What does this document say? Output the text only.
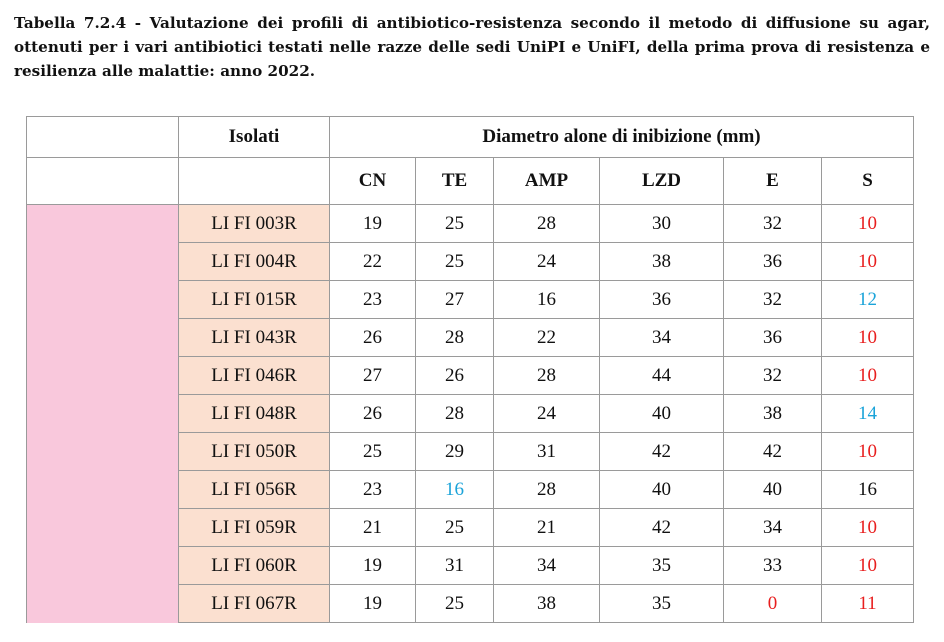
Tabella 7.2.4 - Valutazione dei profili di antibiotico-resistenza secondo il metodo di diffusione su agar, ottenuti per i vari antibiotici testati nelle razze delle sedi UniPI e UniFI, della prima prova di resistenza e resilienza alle malattie: anno 2022.
	Isolati	Diametro alone di inibizione (mm)					
		CN	TE	AMP	LZD	E	S
	LI FI 003R	19	25	28	30	32	10
	LI FI 004R	22	25	24	38	36	10
	LI FI 015R	23	27	16	36	32	12
	LI FI 043R	26	28	22	34	36	10
	LI FI 046R	27	26	28	44	32	10
	LI FI 048R	26	28	24	40	38	14
	LI FI 050R	25	29	31	42	42	10
	LI FI 056R	23	16	28	40	40	16
	LI FI 059R	21	25	21	42	34	10
	LI FI 060R	19	31	34	35	33	10
	LI FI 067R	19	25	38	35	0	11
